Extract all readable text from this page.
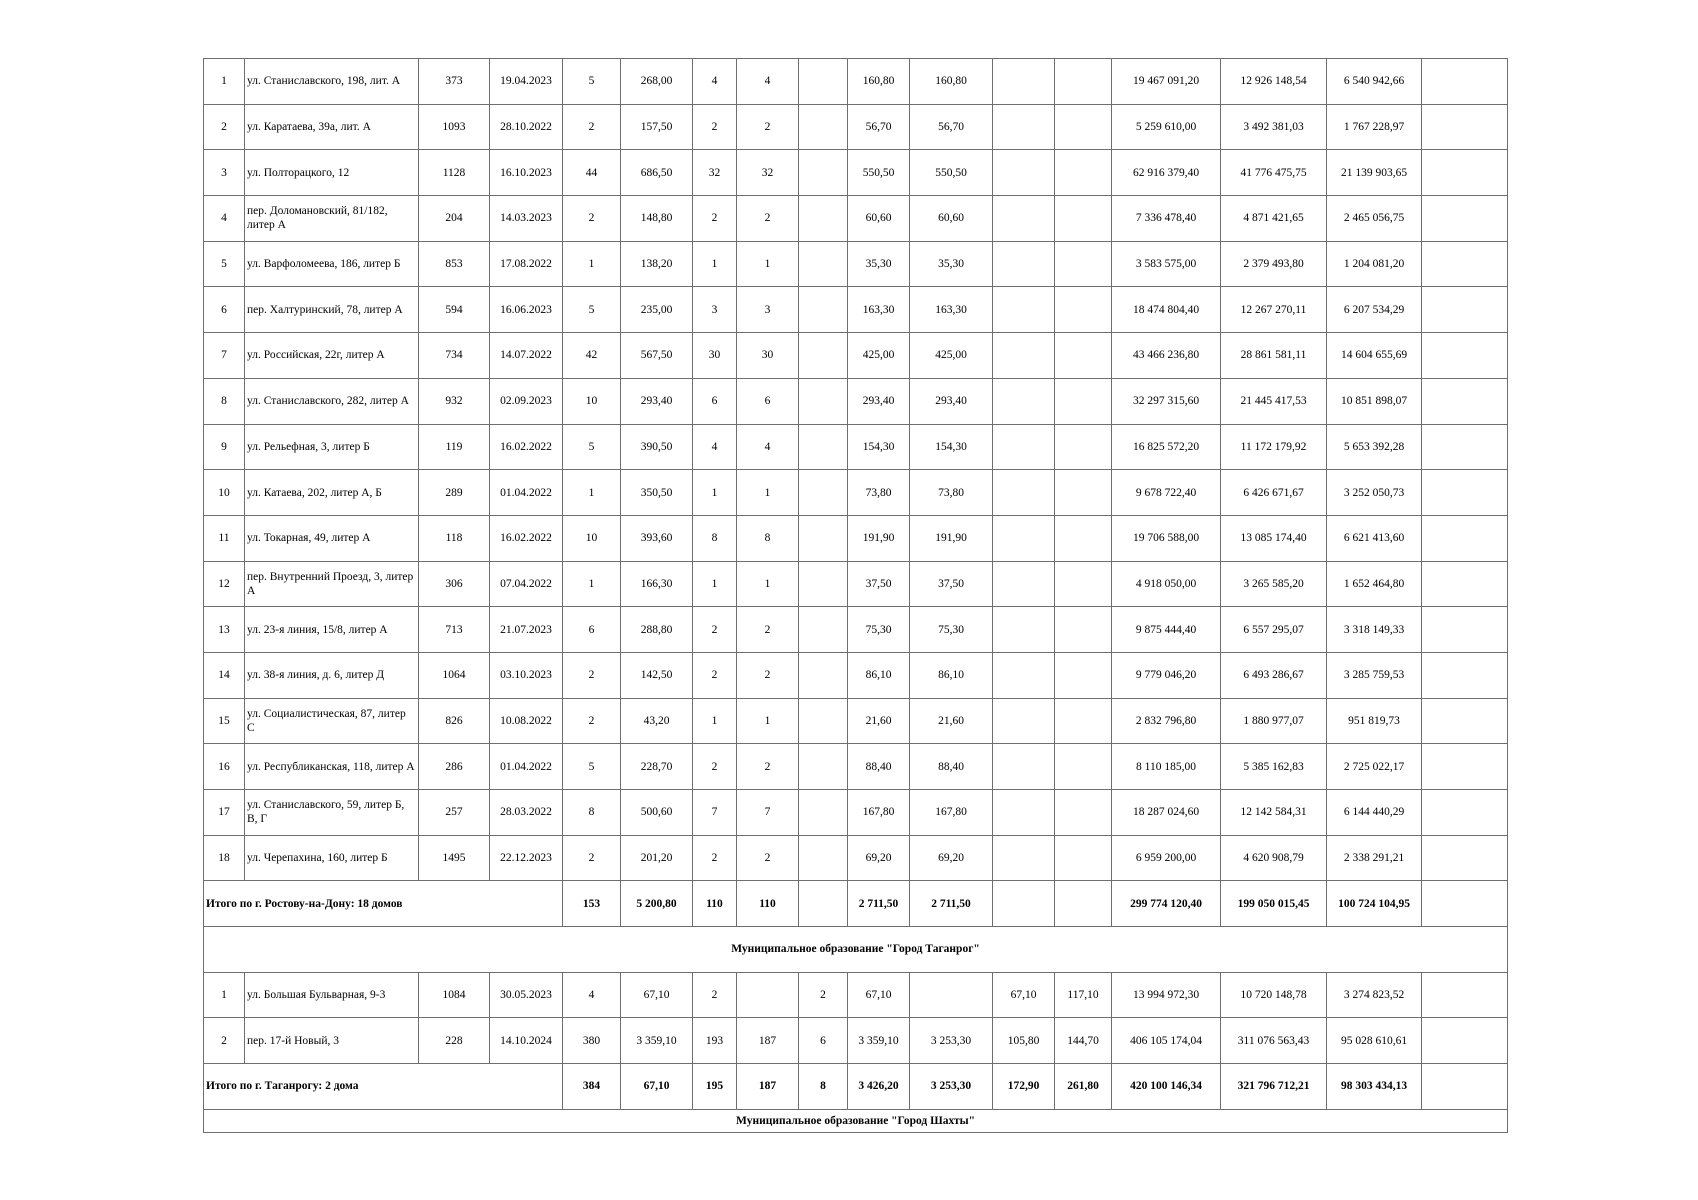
1	ул. Станиславского, 198, лит. А	373	19.04.2023	5	268,00	4	4		160,80	160,80			19 467 091,20	12 926 148,54	6 540 942,66	
2	ул. Каратаева, 39а, лит. А	1093	28.10.2022	2	157,50	2	2		56,70	56,70			5 259 610,00	3 492 381,03	1 767 228,97	
3	ул. Полторацкого, 12	1128	16.10.2023	44	686,50	32	32		550,50	550,50			62 916 379,40	41 776 475,75	21 139 903,65	
4	пер. Доломановский, 81/182, литер А	204	14.03.2023	2	148,80	2	2		60,60	60,60			7 336 478,40	4 871 421,65	2 465 056,75	
5	ул. Варфоломеева, 186, литер Б	853	17.08.2022	1	138,20	1	1		35,30	35,30			3 583 575,00	2 379 493,80	1 204 081,20	
6	пер. Халтуринский, 78, литер А	594	16.06.2023	5	235,00	3	3		163,30	163,30			18 474 804,40	12 267 270,11	6 207 534,29	
7	ул. Российская, 22г, литер А	734	14.07.2022	42	567,50	30	30		425,00	425,00			43 466 236,80	28 861 581,11	14 604 655,69	
8	ул. Станиславского, 282, литер А	932	02.09.2023	10	293,40	6	6		293,40	293,40			32 297 315,60	21 445 417,53	10 851 898,07	
9	ул. Рельефная, 3, литер Б	119	16.02.2022	5	390,50	4	4		154,30	154,30			16 825 572,20	11 172 179,92	5 653 392,28	
10	ул. Катаева, 202, литер А, Б	289	01.04.2022	1	350,50	1	1		73,80	73,80			9 678 722,40	6 426 671,67	3 252 050,73	
11	ул. Токарная, 49, литер А	118	16.02.2022	10	393,60	8	8		191,90	191,90			19 706 588,00	13 085 174,40	6 621 413,60	
12	пер. Внутренний Проезд, 3, литер А	306	07.04.2022	1	166,30	1	1		37,50	37,50			4 918 050,00	3 265 585,20	1 652 464,80	
13	ул. 23-я линия, 15/8, литер А	713	21.07.2023	6	288,80	2	2		75,30	75,30			9 875 444,40	6 557 295,07	3 318 149,33	
14	ул. 38-я линия, д. 6, литер Д	1064	03.10.2023	2	142,50	2	2		86,10	86,10			9 779 046,20	6 493 286,67	3 285 759,53	
15	ул. Социалистическая, 87, литер С	826	10.08.2022	2	43,20	1	1		21,60	21,60			2 832 796,80	1 880 977,07	951 819,73	
16	ул. Республиканская, 118, литер А	286	01.04.2022	5	228,70	2	2		88,40	88,40			8 110 185,00	5 385 162,83	2 725 022,17	
17	ул. Станиславского, 59, литер Б, В, Г	257	28.03.2022	8	500,60	7	7		167,80	167,80			18 287 024,60	12 142 584,31	6 144 440,29	
18	ул. Черепахина, 160, литер Б	1495	22.12.2023	2	201,20	2	2		69,20	69,20			6 959 200,00	4 620 908,79	2 338 291,21	
Итого по г. Ростову-на-Дону: 18 домов				153	5 200,80	110	110		2 711,50	2 711,50			299 774 120,40	199 050 015,45	100 724 104,95	
Муниципальное образование "Город Таганрог"																
1	ул. Большая Бульварная, 9-3	1084	30.05.2023	4	67,10	2		2	67,10		67,10	117,10	13 994 972,30	10 720 148,78	3 274 823,52	
2	пер. 17-й Новый, 3	228	14.10.2024	380	3 359,10	193	187	6	3 359,10	3 253,30	105,80	144,70	406 105 174,04	311 076 563,43	95 028 610,61	
Итого по г. Таганрогу: 2 дома				384	67,10	195	187	8	3 426,20	3 253,30	172,90	261,80	420 100 146,34	321 796 712,21	98 303 434,13	
Муниципальное образование "Город Шахты"																
